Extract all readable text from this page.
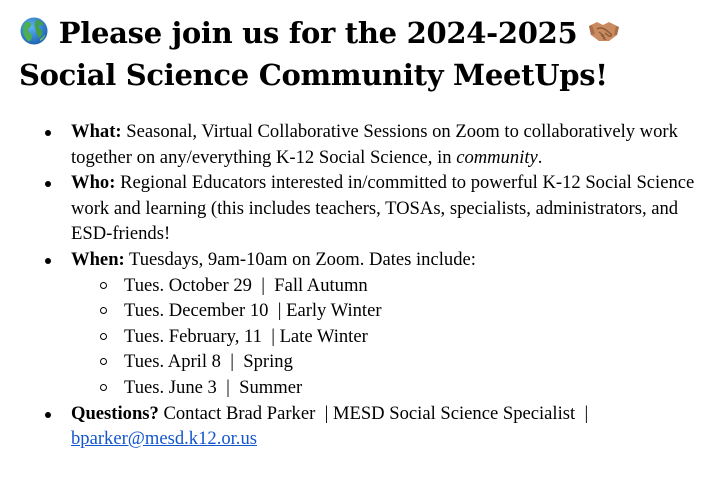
Please join us for the 2024-2025

Social Science Community MeetUps!
What: Seasonal, Virtual Collaborative Sessions on Zoom to collaboratively work together on any/everything K-12 Social Science, in community.
Who: Regional Educators interested in/committed to powerful K-12 Social Science work and learning (this includes teachers, TOSAs, specialists, administrators, and ESD-friends!
When: Tuesdays, 9am-10am on Zoom. Dates include:
Tues. October 29  |  Fall Autumn
Tues. December 10  | Early Winter
Tues. February, 11  | Late Winter
Tues. April 8  |  Spring
Tues. June 3  |  Summer
Questions? Contact Brad Parker  | MESD Social Science Specialist  |
bparker@mesd.k12.or.us
